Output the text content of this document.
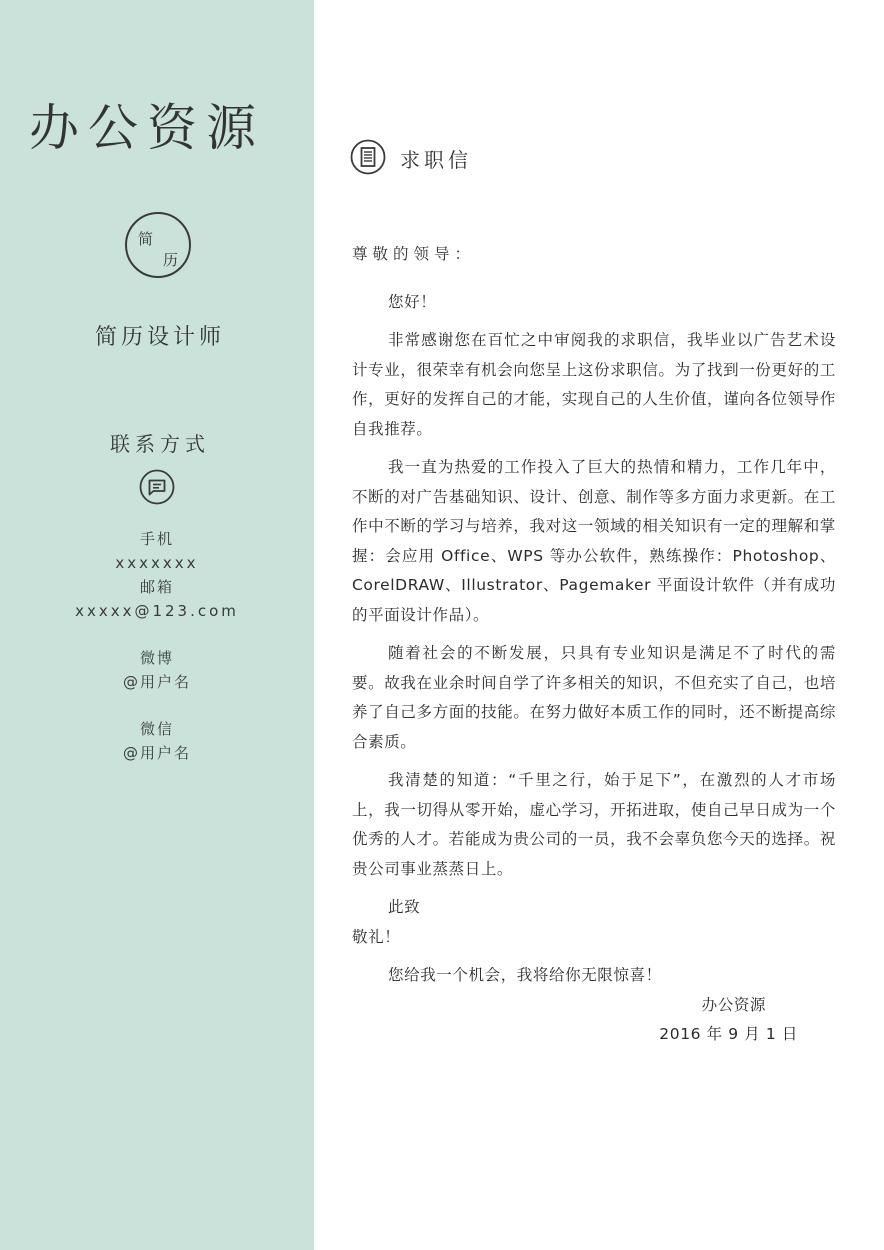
办公资源
简
历
简历设计师
联系方式
手机
xxxxxxx
邮箱
xxxxx@123.com
微博
@用户名
微信
@用户名
求职信
尊敬的领导：

您好！

非常感谢您在百忙之中审阅我的求职信，我毕业以广告艺术设计专业，很荣幸有机会向您呈上这份求职信。为了找到一份更好的工作，更好的发挥自己的才能，实现自己的人生价值，谨向各位领导作自我推荐。

我一直为热爱的工作投入了巨大的热情和精力，工作几年中，不断的对广告基础知识、设计、创意、制作等多方面力求更新。在工作中不断的学习与培养，我对这一领域的相关知识有一定的理解和掌握：会应用 Office、WPS 等办公软件，熟练操作：Photoshop、CorelDRAW、Illustrator、Pagemaker 平面设计软件（并有成功的平面设计作品）。

随着社会的不断发展，只具有专业知识是满足不了时代的需要。故我在业余时间自学了许多相关的知识，不但充实了自己，也培养了自己多方面的技能。在努力做好本质工作的同时，还不断提高综合素质。

我清楚的知道：“千里之行，始于足下”，在激烈的人才市场上，我一切得从零开始，虚心学习，开拓进取，使自己早日成为一个优秀的人才。若能成为贵公司的一员，我不会辜负您今天的选择。祝贵公司事业蒸蒸日上。

此致
敬礼！
您给我一个机会，我将给你无限惊喜！
办公资源
2016 年 9 月 1 日
